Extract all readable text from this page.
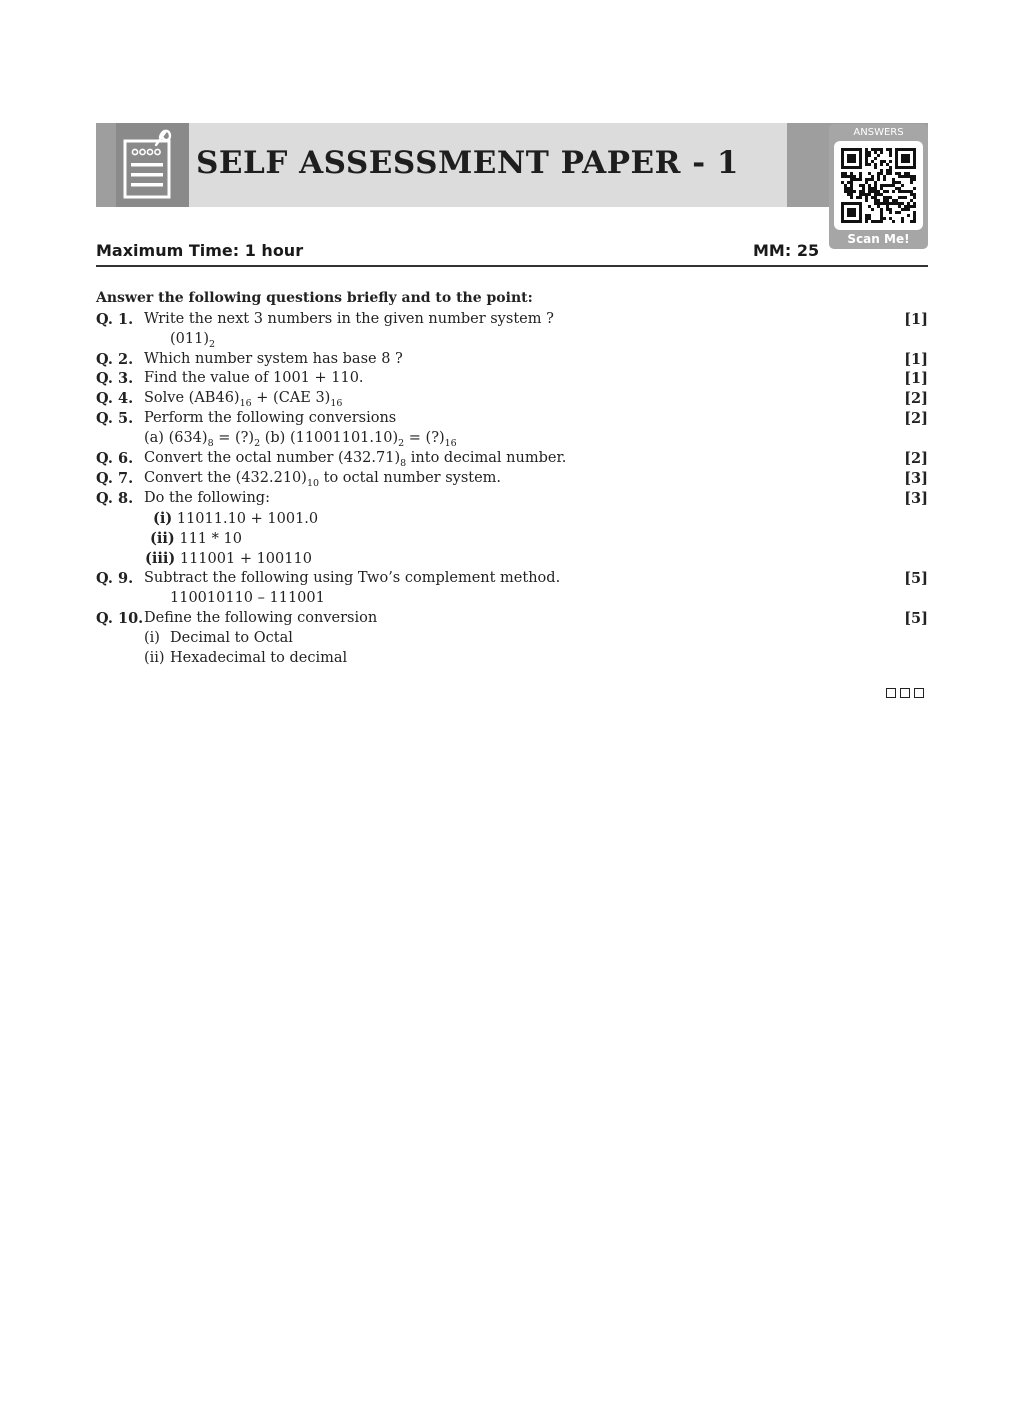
SELF ASSESSMENT PAPER - 1
ANSWERS
Scan Me!
Maximum Time: 1 hour	MM: 25
Answer the following questions briefly and to the point:
Q. 1. Write the next 3 numbers in the given number system ?	[1]
$(011)_2$
Q. 2. Which number system has base 8 ?	[1]
Q. 3. Find the value of 1001 + 110.	[1]
Q. 4. Solve $(AB46)_{16} + (CAE$ $3)_{16}$	[2]
Q. 5. Perform the following conversions	[2]
(a) $(634)_8$ = $(?)_2$ (b) $(11001101.10)_2$ = $(?)_{16}$
Q. 6. Convert the octal number $(432.71)_8$ into decimal number.	[2]
Q. 7. Convert the $(432.210)_{10}$ to octal number system.	[3]
Q. 8. Do the following:	[3]
(i) 11011.10 + 1001.0
(ii) 111 * 10
(iii) 111001 + 100110
Q. 9. Subtract the following using Two’s complement method.	[5]
110010110 – 111001
Q. 10. Define the following conversion	[5]
(i) Decimal to Octal
(ii) Hexadecimal to decimal
